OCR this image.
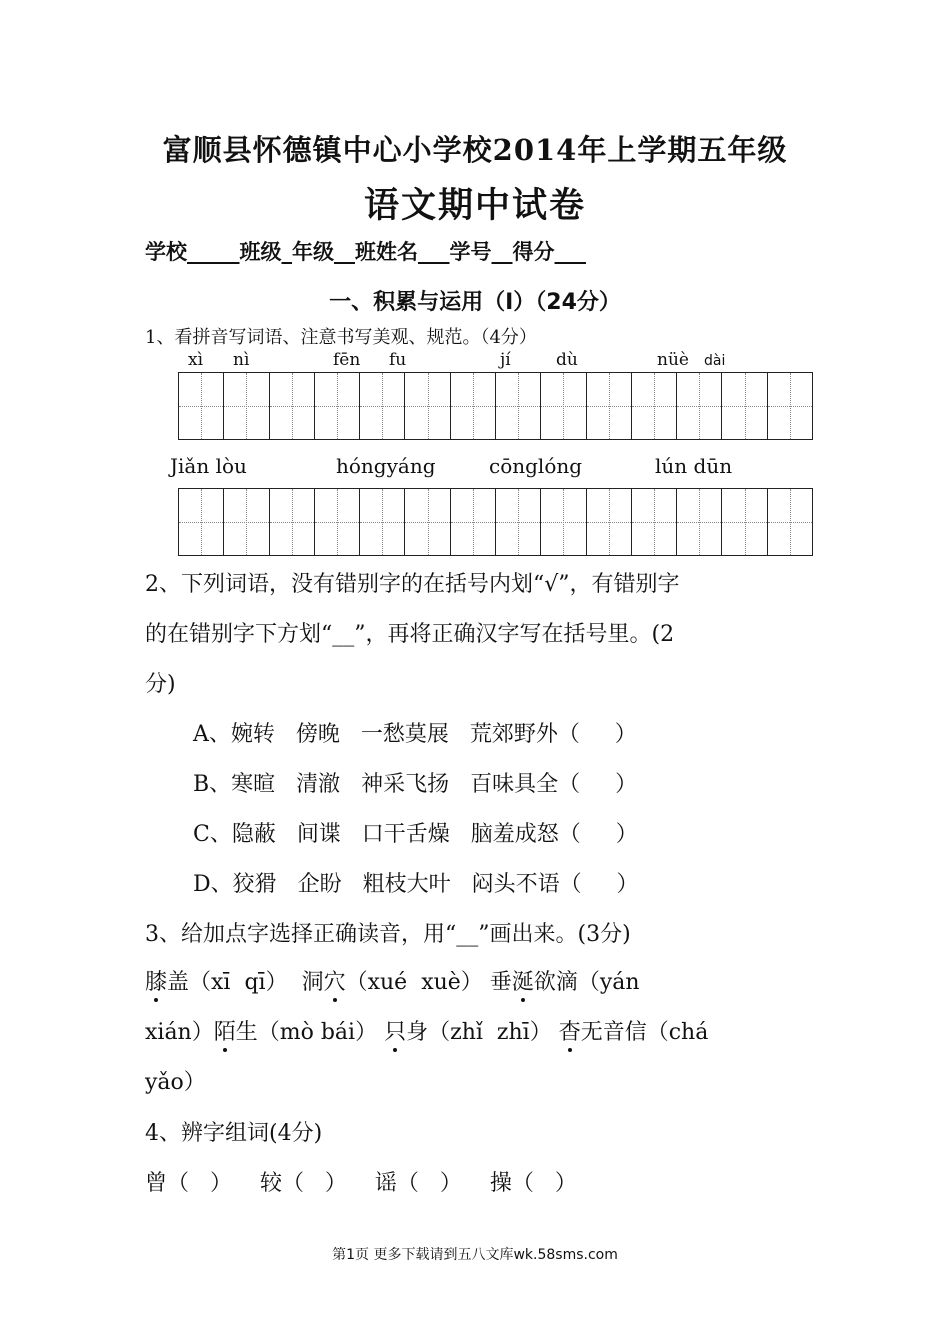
富顺县怀德镇中心小学校2014年上学期五年级
语文期中试卷
学校_____班级_年级__班姓名___学号__得分___
一、积累与运用（Ⅰ）（24分）
1、看拼音写词语、注意书写美观、规范。（4分）
xì nì	fēn fu	jí	dù	nüè dài
Jiǎn lòu	hóngyáng	cōnglóng	lún dūn
2、下列词语，没有错别字的在括号内划“√”，有错别字
的在错别字下方划“__”，再将正确汉字写在括号里。(2
分)
A、婉转   傍晚   一愁莫展   荒郊野外（     ）
B、寒暄   清澈   神采飞扬   百味具全（     ）
C、隐蔽   间谍   口干舌燥   脑羞成怒（     ）
D、狡猾   企盼   粗枝大叶   闷头不语（     ）
3、给加点字选择正确读音，用“__”画出来。(3分)
膝盖（xī  qī） 洞穴（xué  xuè） 垂涎欲滴（yán
xián）陌生（mò bái） 只身（zhǐ  zhī） 杳无音信（chá
yǎo）
4、辨字组词(4分)
曾（   ）    较（   ）    谣（   ）    操（   ）
第1页 更多下载请到五八文库wk.58sms.com
